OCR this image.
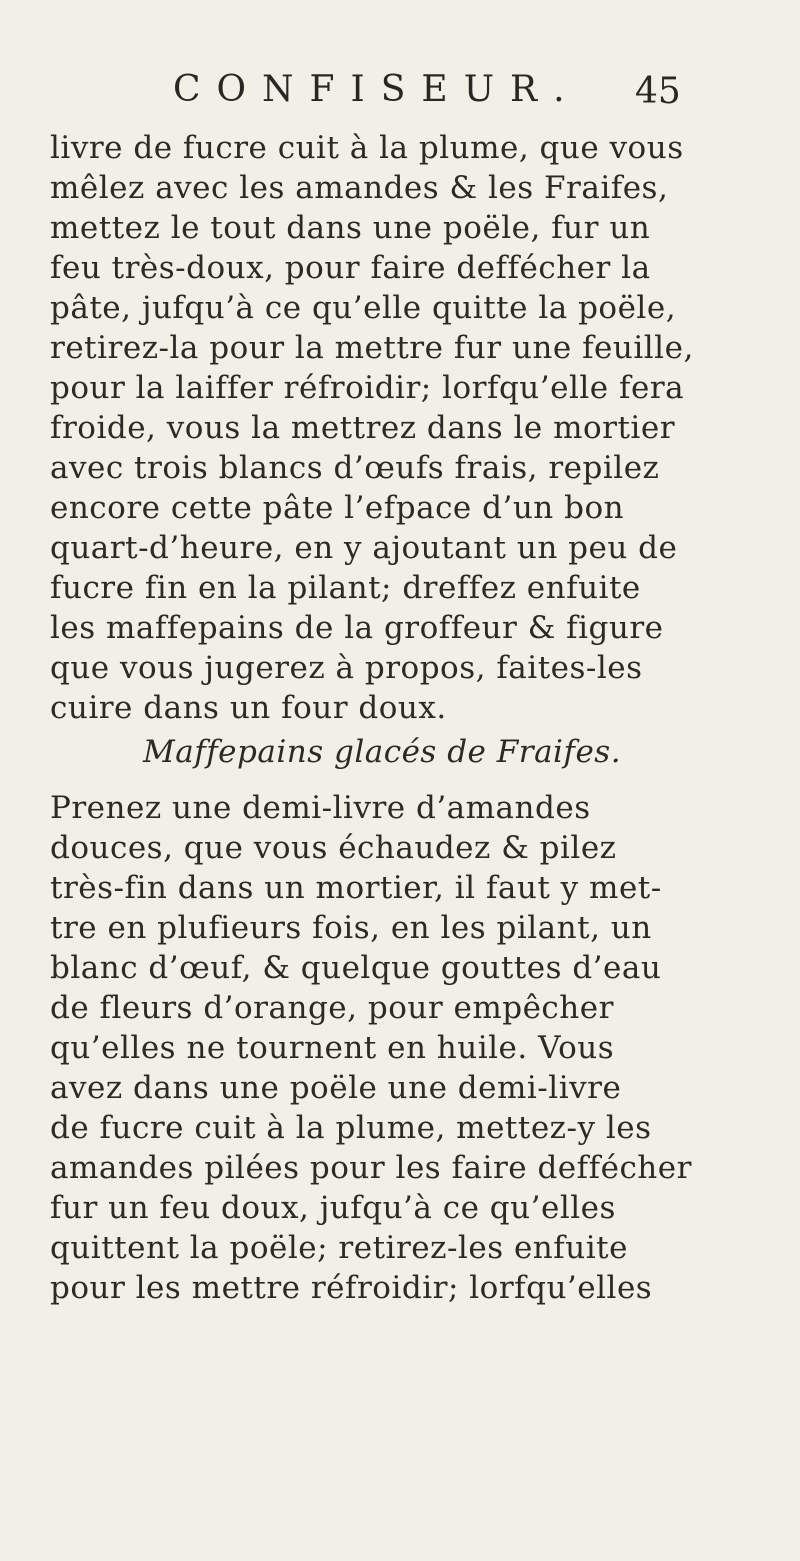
CONFISEUR. 45
livre de fucre cuit à la plume, que vous
mêlez avec les amandes & les Fraifes,
mettez le tout dans une poële, fur un
feu très-doux, pour faire deffécher la
pâte, jufqu’à ce qu’elle quitte la poële,
retirez-la pour la mettre fur une feuille,
pour la laiffer réfroidir; lorfqu’elle fera
froide, vous la mettrez dans le mortier
avec trois blancs d’œufs frais, repilez
encore cette pâte l’efpace d’un bon
quart-d’heure, en y ajoutant un peu de
fucre fin en la pilant; dreffez enfuite
les maffepains de la groffeur & figure
que vous jugerez à propos, faites-les
cuire dans un four doux.
Maffepains glacés de Fraifes.
Prenez une demi-livre d’amandes
douces, que vous échaudez & pilez
très-fin dans un mortier, il faut y met-
tre en plufieurs fois, en les pilant, un
blanc d’œuf, & quelque gouttes d’eau
de fleurs d’orange, pour empêcher
qu’elles ne tournent en huile. Vous
avez dans une poële une demi-livre
de fucre cuit à la plume, mettez-y les
amandes pilées pour les faire deffécher
fur un feu doux, jufqu’à ce qu’elles
quittent la poële; retirez-les enfuite
pour les mettre réfroidir; lorfqu’elles
